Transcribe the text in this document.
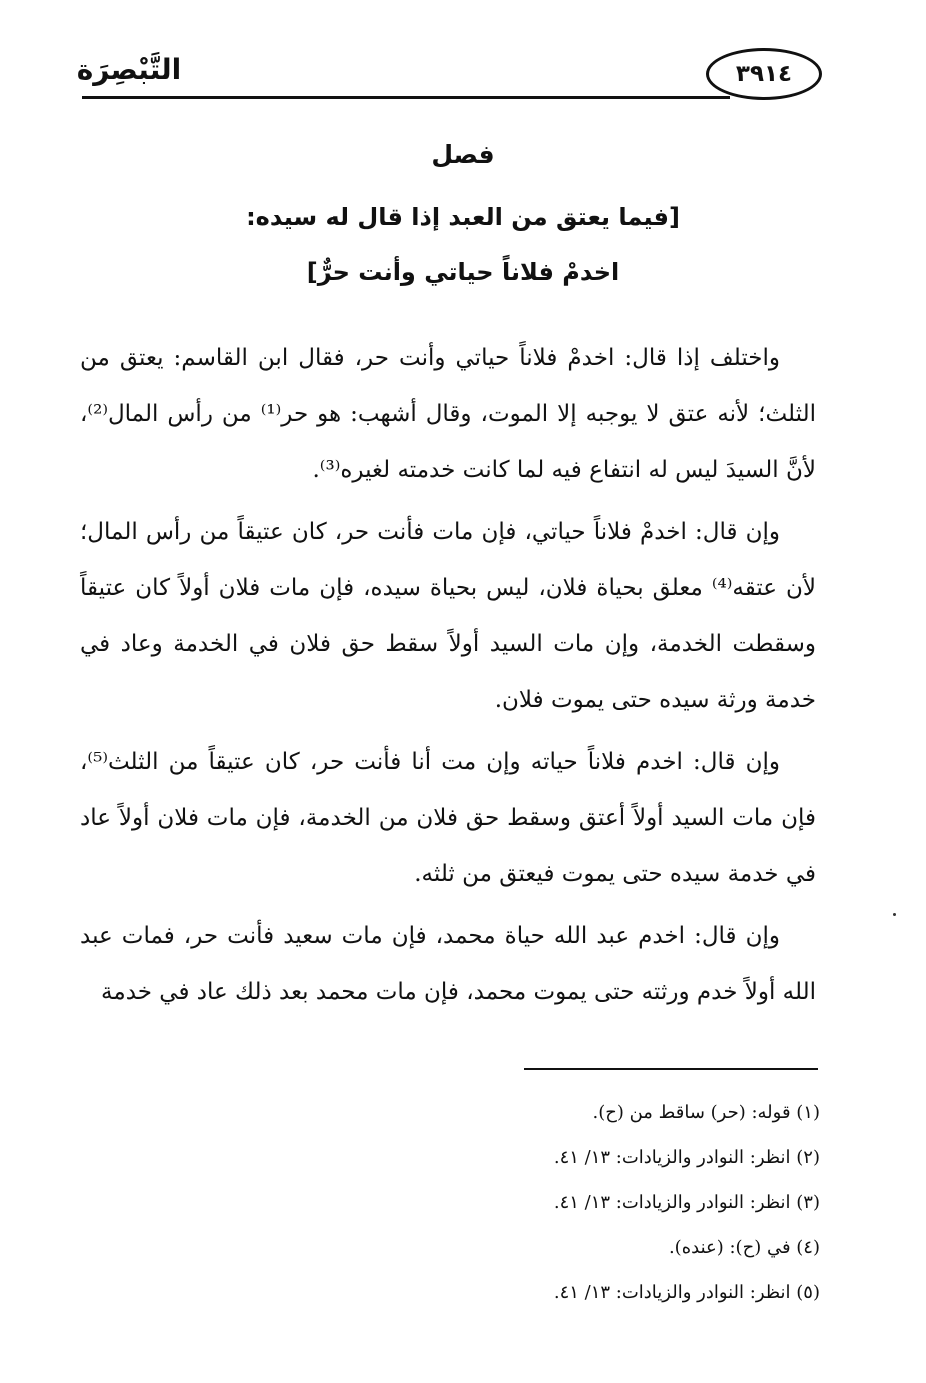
التَّبْصِرَة	٣٩١٤
فصل
[فيما يعتق من العبد إذا قال له سيده:
اخدمْ فلاناً حياتي وأنت حرٌّ]

واختلف إذا قال: اخدمْ فلاناً حياتي وأنت حر، فقال ابن القاسم: يعتق من الثلث؛ لأنه عتق لا يوجبه إلا الموت، وقال أشهب: هو حر⁽¹⁾ من رأس المال⁽²⁾، لأنَّ السيدَ ليس له انتفاع فيه لما كانت خدمته لغيره⁽³⁾.

وإن قال: اخدمْ فلاناً حياتي، فإن مات فأنت حر، كان عتيقاً من رأس المال؛ لأن عتقه⁽⁴⁾ معلق بحياة فلان، ليس بحياة سيده، فإن مات فلان أولاً كان عتيقاً وسقطت الخدمة، وإن مات السيد أولاً سقط حق فلان في الخدمة وعاد في خدمة ورثة سيده حتى يموت فلان.

وإن قال: اخدم فلاناً حياته وإن مت أنا فأنت حر، كان عتيقاً من الثلث⁽⁵⁾، فإن مات السيد أولاً أعتق وسقط حق فلان من الخدمة، فإن مات فلان أولاً عاد في خدمة سيده حتى يموت فيعتق من ثلثه.

وإن قال: اخدم عبد الله حياة محمد، فإن مات سعيد فأنت حر، فمات عبد الله أولاً خدم ورثته حتى يموت محمد، فإن مات محمد بعد ذلك عاد في خدمة

(١) قوله: (حر) ساقط من (ح).
(٢) انظر: النوادر والزيادات: ١٣/ ٤١.
(٣) انظر: النوادر والزيادات: ١٣/ ٤١.
(٤) في (ح): (عنده).
(٥) انظر: النوادر والزيادات: ١٣/ ٤١.
